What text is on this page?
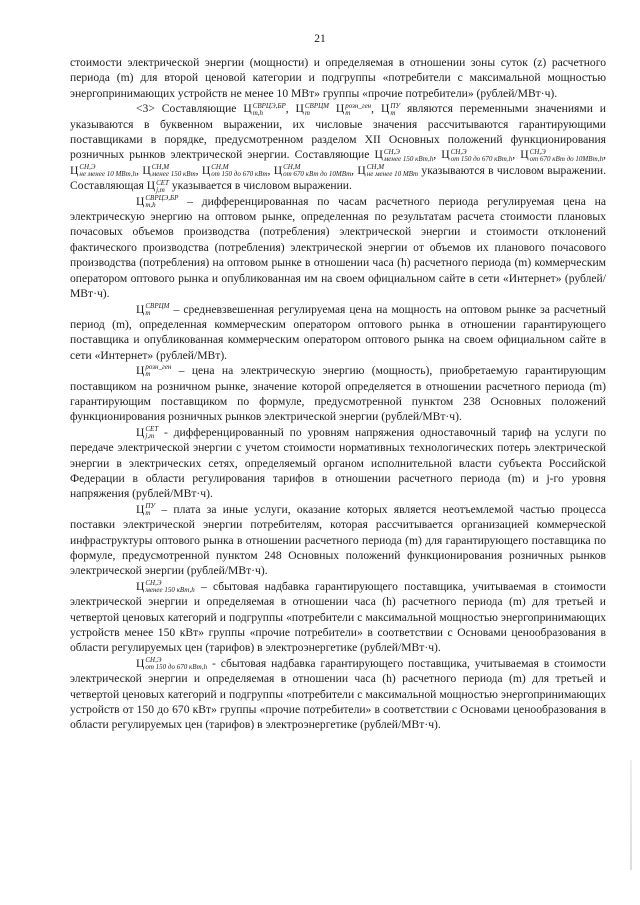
21

стоимости электрической энергии (мощности) и определяемая в отношении зоны суток (z) расчетного периода (m) для второй ценовой категории и подгруппы «потребители с максимальной мощностью энергопринимающих устройств не менее 10 МВт» группы «прочие потребители» (рублей/МВт·ч).

<3> Составляющие Ц СВРЦЭ,БР
m,h	, Ц СВРЦМ
m	Ц розн_ген
m	, Ц ПУ
m являются переменными значениями и указываются в буквенном выражении, их числовые значения рассчитываются гарантирующими поставщиками в порядке, предусмотренном разделом XII Основных положений функционирования розничных рынков электрической энергии. Составляющие Ц СН,Э
менее 150 кВт,h , Ц СН,Э
от 150 до 670 кВт,h , Ц СН,Э
от 670 кВт до 10МВт,h , Ц СН,Э
не менее 10 МВт,h , Ц СН,М
менее 150 кВт , Ц СН,М
от 150 до 670 кВт , Ц СН,М
от 670 кВт до 10МВт , Ц СН,М
не менее 10 МВт указываются в числовом выражении. Составляющая Ц СЕТ
j,m указывается в числовом выражении.

Ц СВРЦЭ,БР
m,h	– дифференцированная по часам расчетного периода регулируемая цена на электрическую энергию на оптовом рынке, определенная по результатам расчета стоимости плановых почасовых объемов производства (потребления) электрической энергии и стоимости отклонений фактического производства (потребления) электрической энергии от объемов их планового почасового производства (потребления) на оптовом рынке в отношении часа (h) расчетного периода (m) коммерческим оператором оптового рынка и опубликованная им на своем официальном сайте в сети «Интернет» (рублей/МВт·ч).

Ц СВРЦМ
m	– средневзвешенная регулируемая цена на мощность на оптовом рынке за расчетный период (m), определенная коммерческим оператором оптового рынка в отношении гарантирующего поставщика и опубликованная коммерческим оператором оптового рынка на своем официальном сайте в сети «Интернет» (рублей/МВт).

Ц розн_ген
m	– цена на электрическую энергию (мощность), приобретаемую гарантирующим поставщиком на розничном рынке, значение которой определяется в отношении расчетного периода (m) гарантирующим поставщиком по формуле, предусмотренной пунктом 238 Основных положений функционирования розничных рынков электрической энергии (рублей/МВт·ч).

Ц СЕТ
j,m - дифференцированный по уровням напряжения одноставочный тариф на услуги по передаче электрической энергии с учетом стоимости нормативных технологических потерь электрической энергии в электрических сетях, определяемый органом исполнительной власти субъекта Российской Федерации в области регулирования тарифов в отношении расчетного периода (m) и j-го уровня напряжения (рублей/МВт·ч).

Ц ПУ
m – плата за иные услуги, оказание которых является неотъемлемой частью процесса поставки электрической энергии потребителям, которая рассчитывается организацией коммерческой инфраструктуры оптового рынка в отношении расчетного периода (m) для гарантирующего поставщика по формуле, предусмотренной пунктом 248 Основных положений функционирования розничных рынков электрической энергии (рублей/МВт·ч).

Ц СН,Э
менее 150 кВт,h – сбытовая надбавка гарантирующего поставщика, учитываемая в стоимости электрической энергии и определяемая в отношении часа (h) расчетного периода (m) для третьей и четвертой ценовых категорий и подгруппы «потребители с максимальной мощностью энергопринимающих устройств менее 150 кВт» группы «прочие потребители» в соответствии с Основами ценообразования в области регулируемых цен (тарифов) в электроэнергетике (рублей/МВт·ч).

Ц СН,Э
от 150 до 670 кВт,h - сбытовая надбавка гарантирующего поставщика, учитываемая в стоимости электрической энергии и определяемая в отношении часа (h) расчетного периода (m) для третьей и четвертой ценовых категорий и подгруппы «потребители с максимальной мощностью энергопринимающих устройств от 150 до 670 кВт» группы «прочие потребители» в соответствии с Основами ценообразования в области регулируемых цен (тарифов) в электроэнергетике (рублей/МВт·ч).
